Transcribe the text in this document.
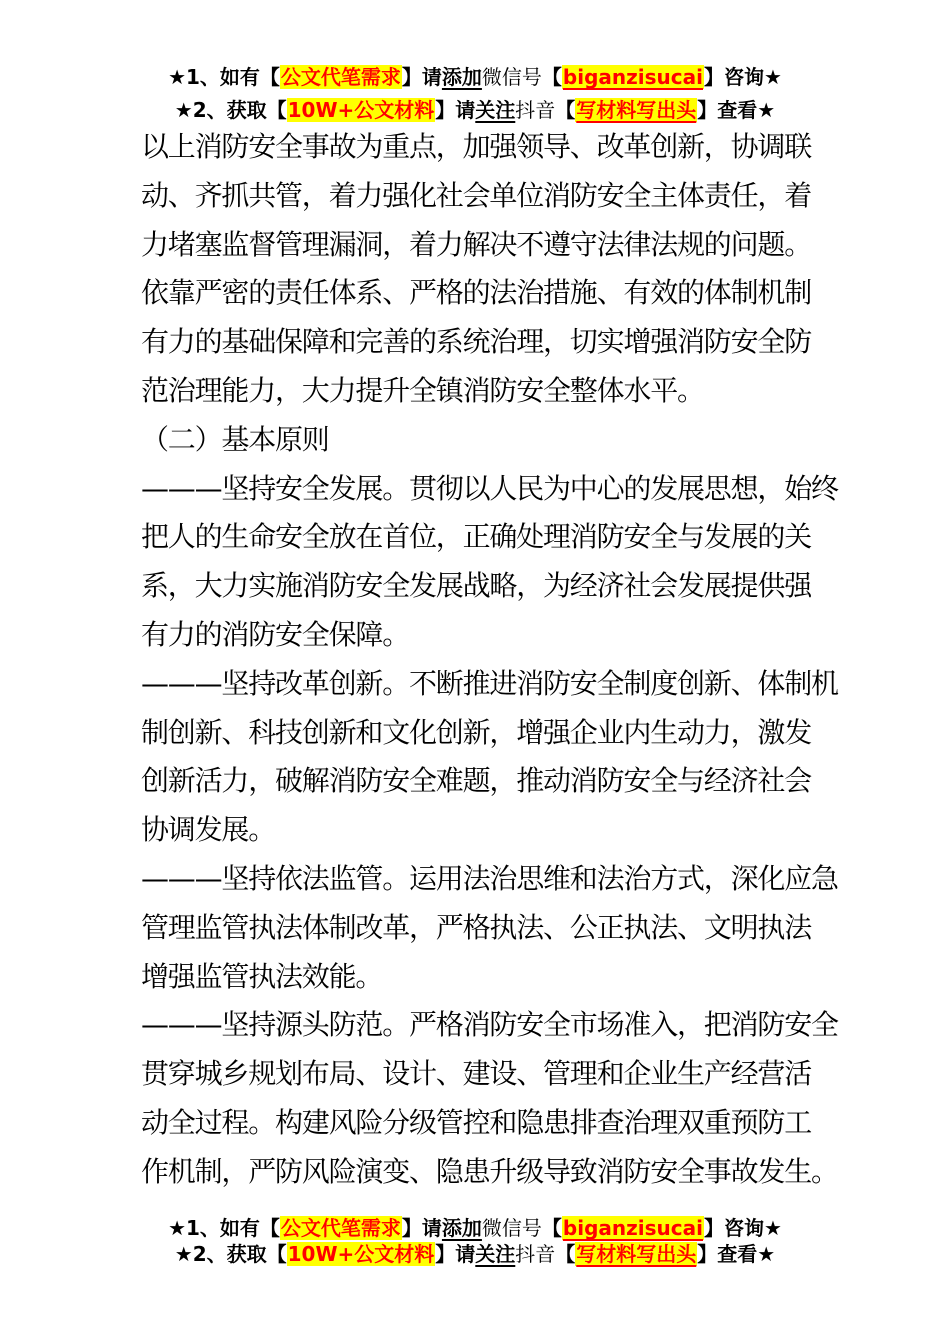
★1、如有【公文代笔需求】请添加微信号【biganzisucai】咨询★
★2、获取【10W+公文材料】请关注抖音【写材料写出头】查看★
以上消防安全事故为重点，加强领导、改革创新，协调联
动、齐抓共管，着力强化社会单位消防安全主体责任，着
力堵塞监督管理漏洞，着力解决不遵守法律法规的问题。
依靠严密的责任体系、严格的法治措施、有效的体制机制
有力的基础保障和完善的系统治理，切实增强消防安全防
范治理能力，大力提升全镇消防安全整体水平。
（二）基本原则
———坚持安全发展。贯彻以人民为中心的发展思想，始终
把人的生命安全放在首位，正确处理消防安全与发展的关
系，大力实施消防安全发展战略，为经济社会发展提供强
有力的消防安全保障。
———坚持改革创新。不断推进消防安全制度创新、体制机
制创新、科技创新和文化创新，增强企业内生动力，激发
创新活力，破解消防安全难题，推动消防安全与经济社会
协调发展。
———坚持依法监管。运用法治思维和法治方式，深化应急
管理监管执法体制改革，严格执法、公正执法、文明执法
增强监管执法效能。
———坚持源头防范。严格消防安全市场准入，把消防安全
贯穿城乡规划布局、设计、建设、管理和企业生产经营活
动全过程。构建风险分级管控和隐患排查治理双重预防工
作机制，严防风险演变、隐患升级导致消防安全事故发生。
★1、如有【公文代笔需求】请添加微信号【biganzisucai】咨询★
★2、获取【10W+公文材料】请关注抖音【写材料写出头】查看★
